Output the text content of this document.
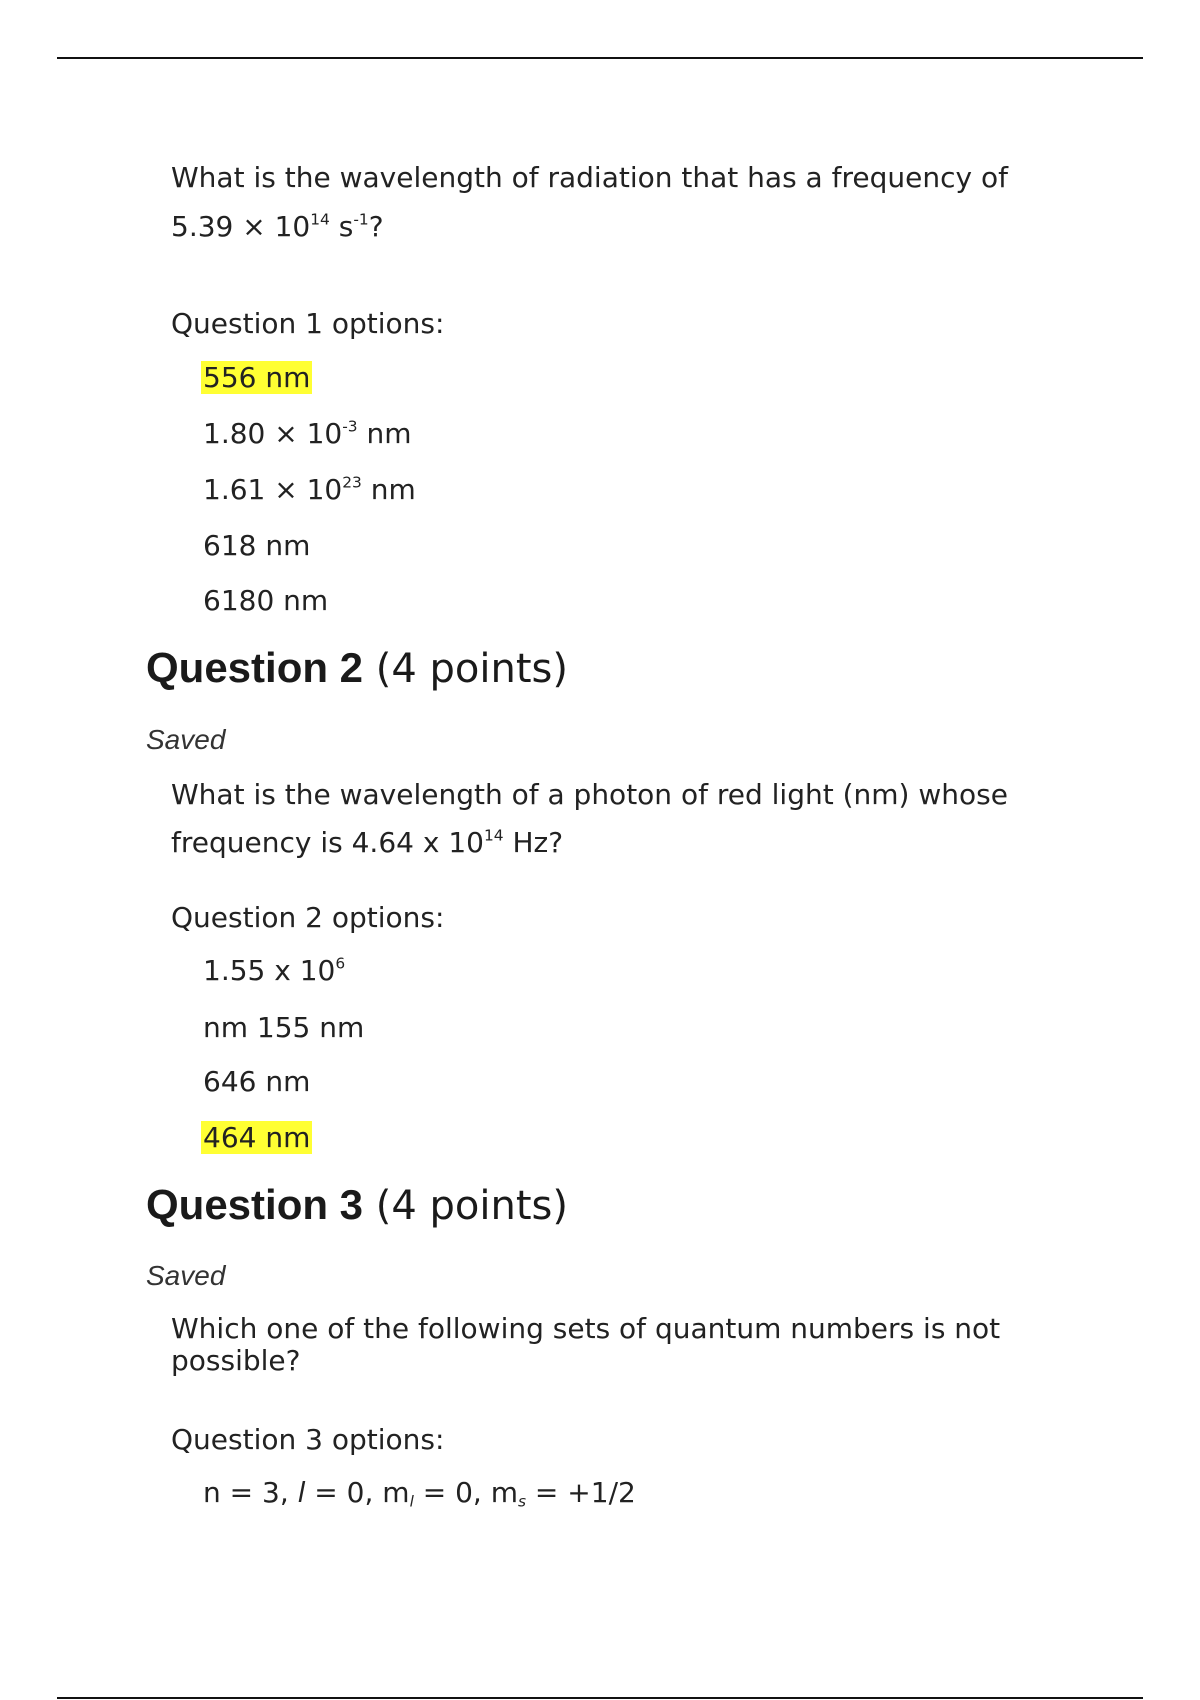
What is the wavelength of radiation that has a frequency of
$5.39 \times 10^{14}$ $s^{-1}$?
Question 1 options:
556 nm
$1.80 \times 10^{-3}$ nm
$1.61 \times 10^{23}$ nm
618 nm
6180 nm
Question 2 (4 points)
Saved
What is the wavelength of a photon of red light (nm) whose
frequency is 4.64 x $10^{14}$ Hz?
Question 2 options:
1.55 x $10^6$
nm 155 nm
646 nm
464 nm
Question 3 (4 points)
Saved
Which one of the following sets of quantum numbers is not
possible?
Question 3 options:
n = 3, l = 0, $m_l = 0$, $m_s = +1/2$
